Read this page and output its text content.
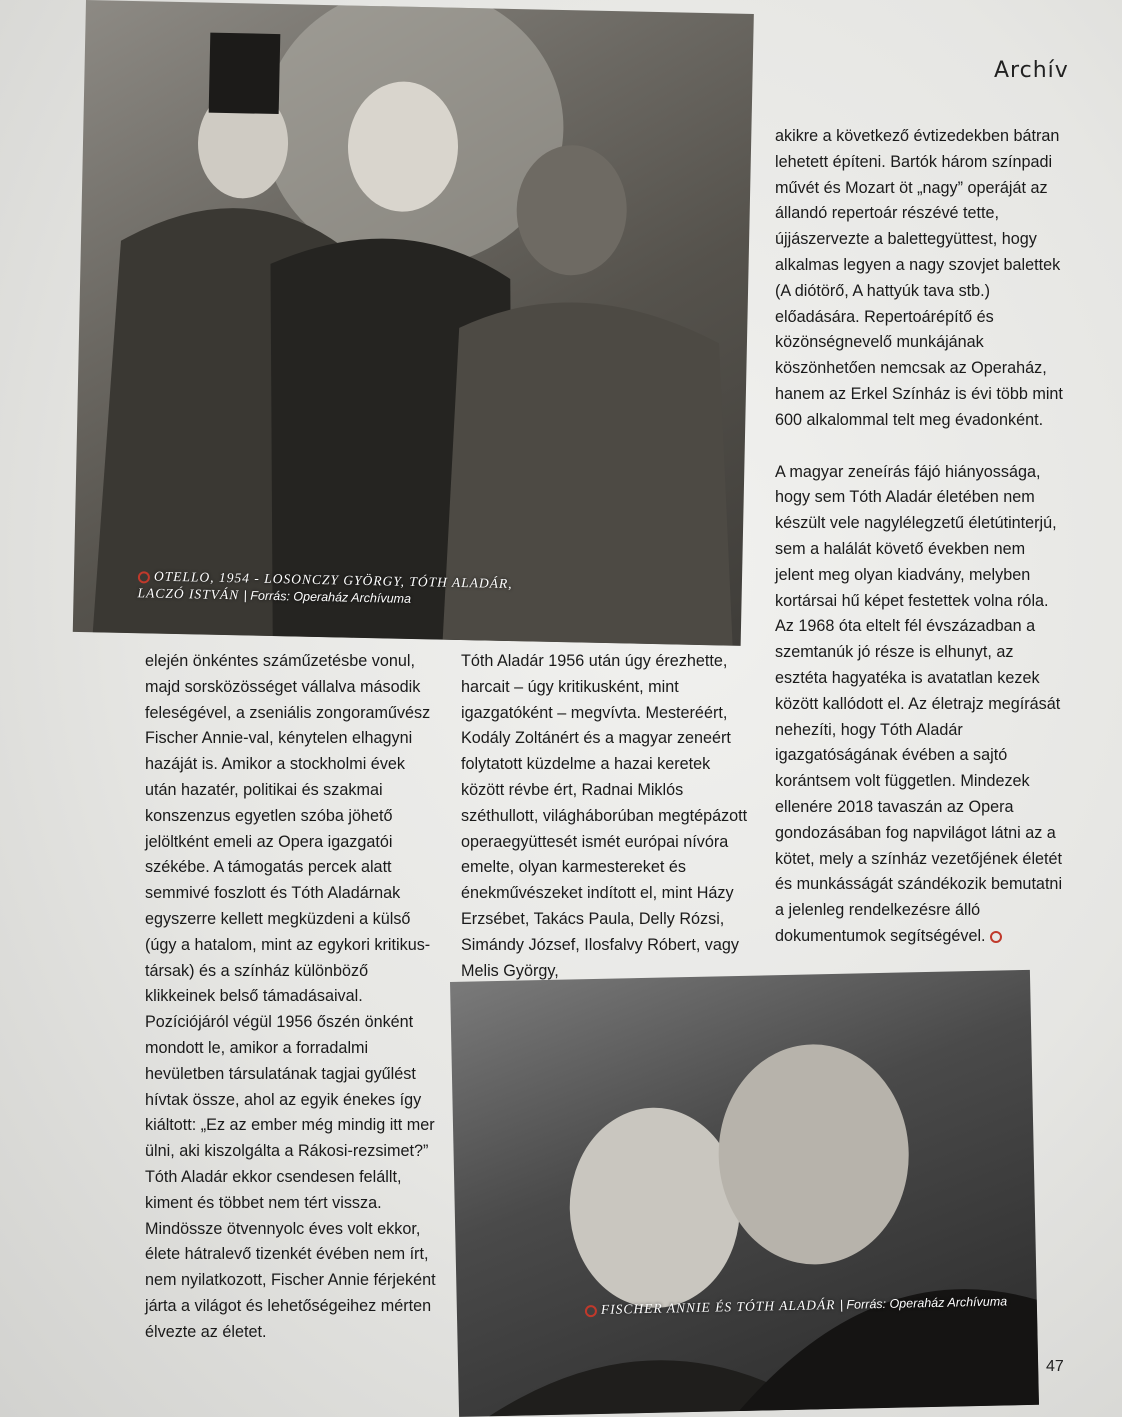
Archív
OTELLO, 1954 - LOSONCZY GYÖRGY, TÓTH ALADÁR, LACZÓ ISTVÁN | Forrás: Operaház Archívuma

akikre a következő évtizedekben bátran lehetett építeni. Bartók három színpadi művét és Mozart öt „nagy” operáját az állandó repertoár részévé tette, újjászervezte a balettegyüttest, hogy alkalmas legyen a nagy szovjet balettek (A diótörő, A hattyúk tava stb.) előadására. Repertoárépítő és közönségnevelő munkájának köszönhetően nemcsak az Operaház, hanem az Erkel Színház is évi több mint 600 alkalommal telt meg évadonként.

A magyar zeneírás fájó hiányossága, hogy sem Tóth Aladár életében nem készült vele nagylélegzetű életútinterjú, sem a halálát követő években nem jelent meg olyan kiadvány, melyben kortársai hű képet festettek volna róla. Az 1968 óta eltelt fél évszázadban a szemtanúk jó része is elhunyt, az esztéta hagyatéka is avatatlan kezek között kallódott el. Az életrajz megírását nehezíti, hogy Tóth Aladár igazgatóságának évében a sajtó korántsem volt független. Mindezek ellenére 2018 tavaszán az Opera gondozásában fog napvilágot látni az a kötet, mely a színház vezetőjének életét és munkásságát szándékozik bemutatni a jelenleg rendelkezésre álló dokumentumok segítségével.

elején önkéntes száműzetésbe vonul, majd sorsközösséget vállalva második feleségével, a zseniális zongoraművész Fischer Annie-val, kénytelen elhagyni hazáját is. Amikor a stockholmi évek után hazatér, politikai és szakmai konszenzus egyetlen szóba jöhető jelöltként emeli az Opera igazgatói székébe. A támogatás percek alatt semmivé foszlott és Tóth Aladárnak egyszerre kellett megküzdeni a külső (úgy a hatalom, mint az egykori kritikus-társak) és a színház különböző klikkeinek belső támadásaival. Pozíciójáról végül 1956 őszén önként mondott le, amikor a forradalmi hevületben társulatának tagjai gyűlést hívtak össze, ahol az egyik énekes így kiáltott: „Ez az ember még mindig itt mer ülni, aki kiszolgálta a Rákosi-rezsimet?” Tóth Aladár ekkor csendesen felállt, kiment és többet nem tért vissza. Mindössze ötvennyolc éves volt ekkor, élete hátralevő tizenkét évében nem írt, nem nyilatkozott, Fischer Annie férjeként járta a világot és lehetőségeihez mérten élvezte az életet.

Tóth Aladár 1956 után úgy érezhette, harcait – úgy kritikusként, mint igazgatóként – megvívta. Mesteréért, Kodály Zoltánért és a magyar zeneért folytatott küzdelme a hazai keretek között révbe ért, Radnai Miklós széthullott, világháborúban megtépázott operaegyüttesét ismét európai nívóra emelte, olyan karmestereket és énekművészeket indított el, mint Házy Erzsébet, Takács Paula, Delly Rózsi, Simándy József, Ilosfalvy Róbert, vagy Melis György,

FISCHER ANNIE ÉS TÓTH ALADÁR | Forrás: Operaház Archívuma
47
